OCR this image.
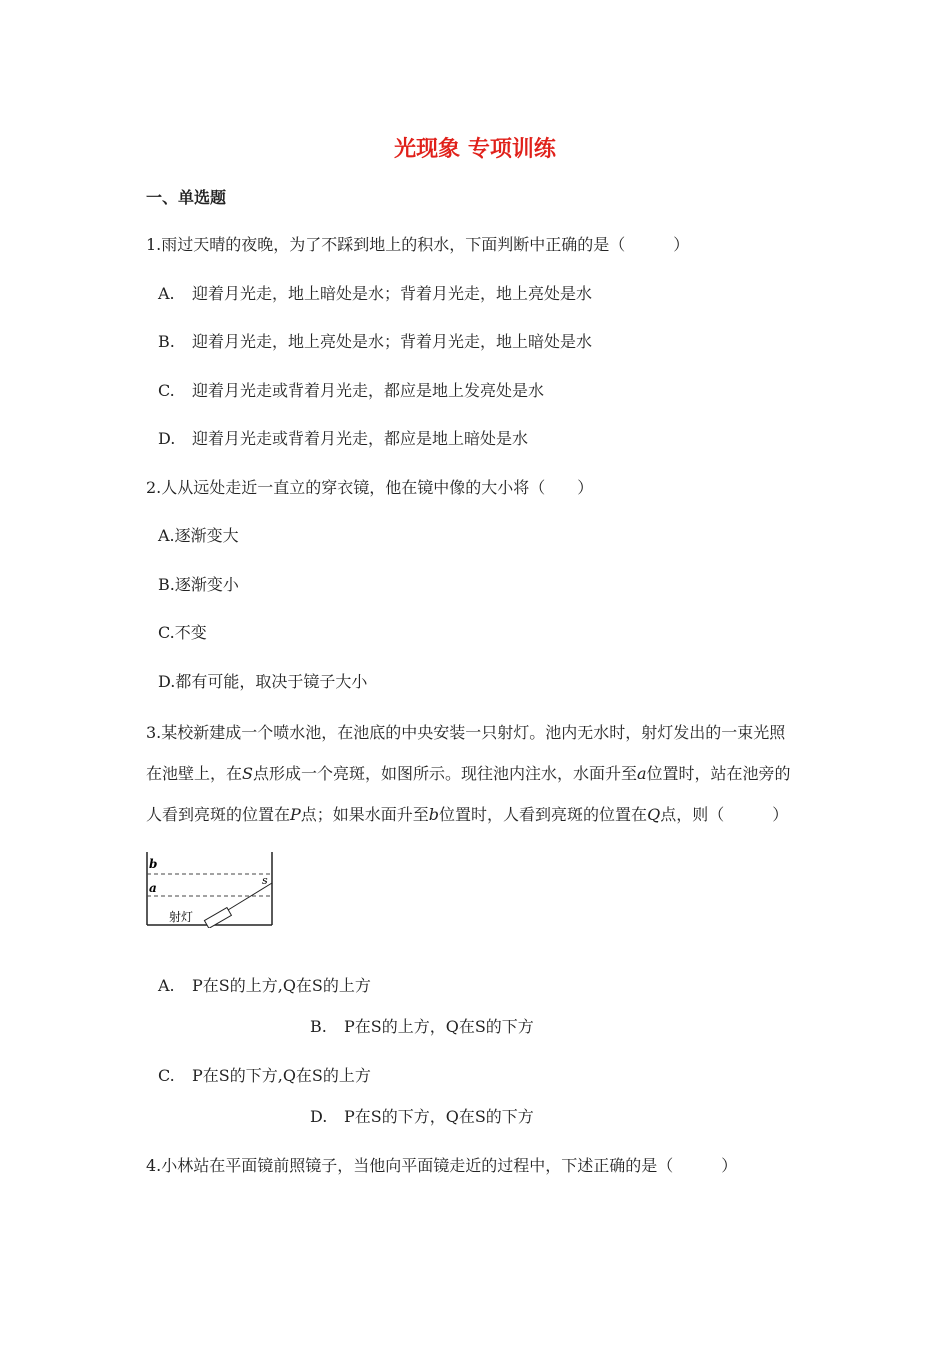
光现象 专项训练
一、单选题
1.雨过天晴的夜晚，为了不踩到地上的积水，下面判断中正确的是（　　　）
A. 迎着月光走，地上暗处是水；背着月光走，地上亮处是水
B. 迎着月光走，地上亮处是水；背着月光走，地上暗处是水
C. 迎着月光走或背着月光走，都应是地上发亮处是水
D. 迎着月光走或背着月光走，都应是地上暗处是水
2.人从远处走近一直立的穿衣镜，他在镜中像的大小将（　　）
A.逐渐变大
B.逐渐变小
C.不变
D.都有可能，取决于镜子大小
3.某校新建成一个喷水池，在池底的中央安装一只射灯。池内无水时，射灯发出的一束光照
在池壁上，在S点形成一个亮斑，如图所示。现往池内注水，水面升至a位置时，站在池旁的
人看到亮斑的位置在P点；如果水面升至b位置时，人看到亮斑的位置在Q点，则（　　　）
b
a
s
射灯
A. P在S的上方,Q在S的上方
B. P在S的上方，Q在S的下方
C. P在S的下方,Q在S的上方
D. P在S的下方，Q在S的下方
4.小林站在平面镜前照镜子，当他向平面镜走近的过程中，下述正确的是（　　　）
